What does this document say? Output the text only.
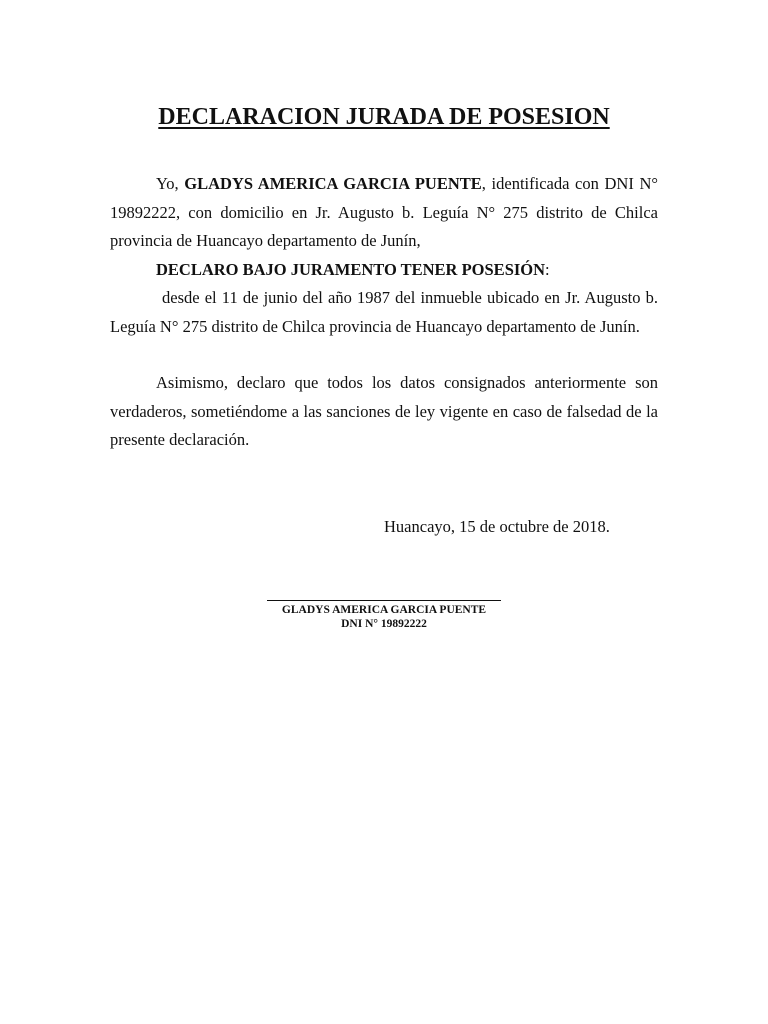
DECLARACION JURADA DE POSESION

Yo, GLADYS AMERICA GARCIA PUENTE, identificada con DNI N° 19892222, con domicilio en Jr. Augusto b. Leguía N° 275 distrito de Chilca provincia de Huancayo departamento de Junín,

DECLARO BAJO JURAMENTO TENER POSESIÓN:

desde el 11 de junio del año 1987 del inmueble ubicado en Jr. Augusto b. Leguía N° 275 distrito de Chilca provincia de Huancayo departamento de Junín.

Asimismo, declaro que todos los datos consignados anteriormente son verdaderos, sometiéndome a las sanciones de ley vigente en caso de falsedad de la presente declaración.

Huancayo, 15 de octubre de 2018.
GLADYS AMERICA GARCIA PUENTE
DNI N° 19892222
